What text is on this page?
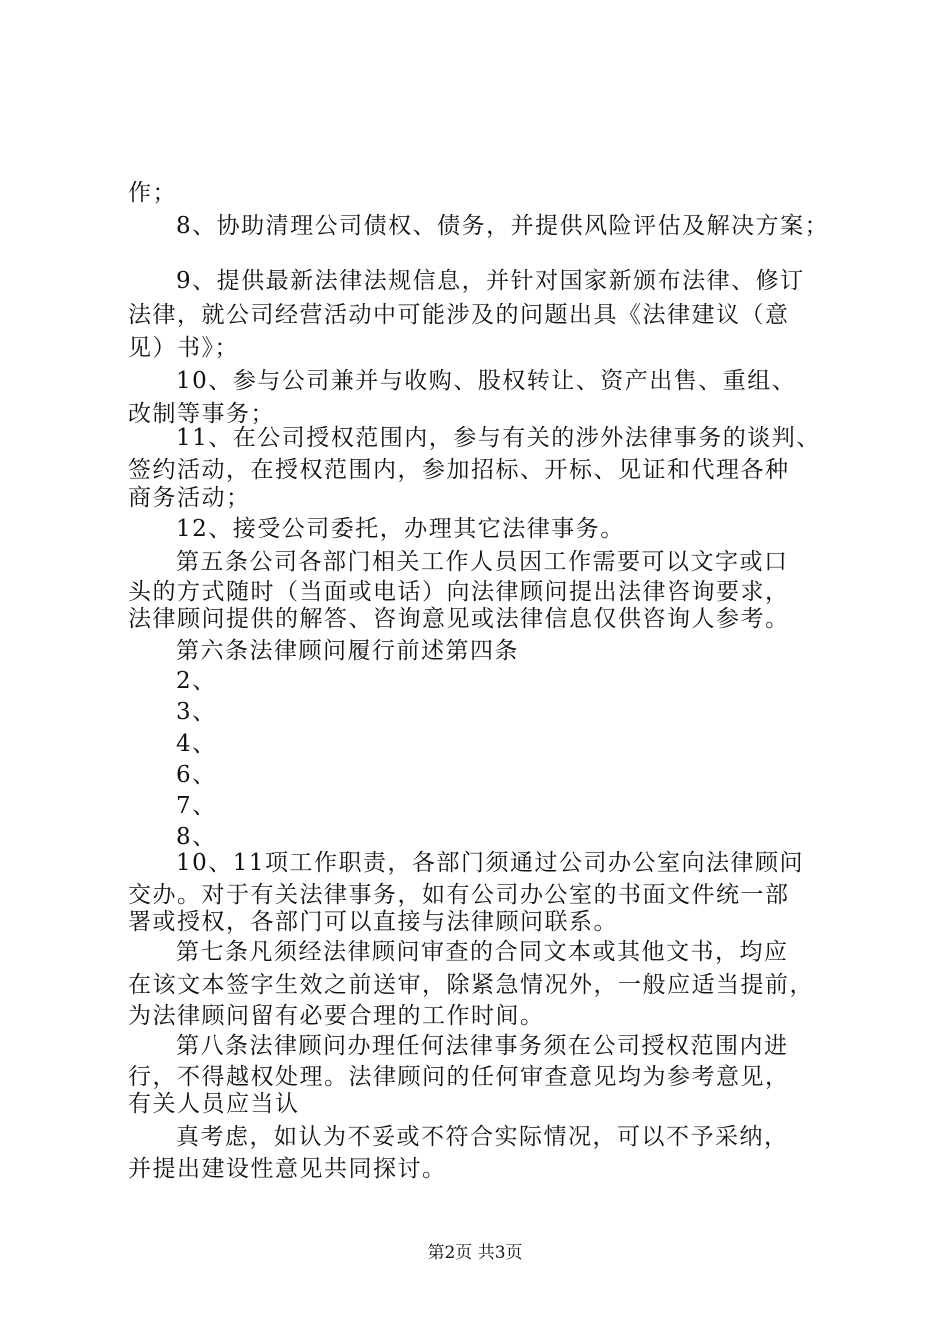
作；
8、协助清理公司债权、债务，并提供风险评估及解决方案；
9、提供最新法律法规信息，并针对国家新颁布法律、修订
法律，就公司经营活动中可能涉及的问题出具《法律建议（意
见）书》；
10、参与公司兼并与收购、股权转让、资产出售、重组、
改制等事务；
11、在公司授权范围内，参与有关的涉外法律事务的谈判、
签约活动，在授权范围内，参加招标、开标、见证和代理各种
商务活动；
12、接受公司委托，办理其它法律事务。
第五条公司各部门相关工作人员因工作需要可以文字或口
头的方式随时（当面或电话）向法律顾问提出法律咨询要求，
法律顾问提供的解答、咨询意见或法律信息仅供咨询人参考。
第六条法律顾问履行前述第四条
2、
3、
4、
6、
7、
8、
10、11项工作职责，各部门须通过公司办公室向法律顾问
交办。对于有关法律事务，如有公司办公室的书面文件统一部
署或授权，各部门可以直接与法律顾问联系。
第七条凡须经法律顾问审查的合同文本或其他文书，均应
在该文本签字生效之前送审，除紧急情况外，一般应适当提前，
为法律顾问留有必要合理的工作时间。
第八条法律顾问办理任何法律事务须在公司授权范围内进
行，不得越权处理。法律顾问的任何审查意见均为参考意见，
有关人员应当认
真考虑，如认为不妥或不符合实际情况，可以不予采纳，
并提出建设性意见共同探讨。
第2页 共3页
